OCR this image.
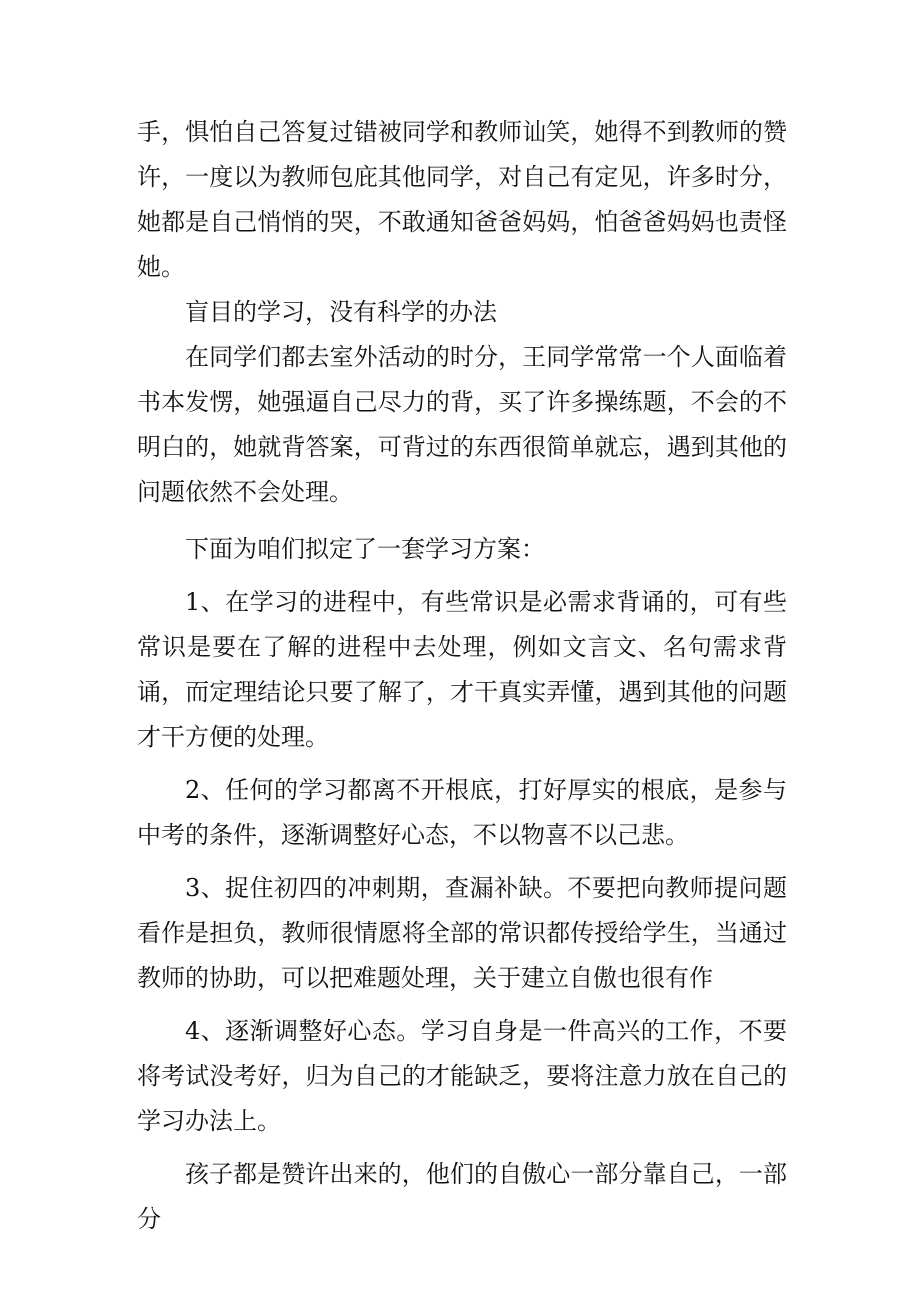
手，惧怕自己答复过错被同学和教师讪笑，她得不到教师的赞许，一度以为教师包庇其他同学，对自己有定见，许多时分，她都是自己悄悄的哭，不敢通知爸爸妈妈，怕爸爸妈妈也责怪她。

盲目的学习，没有科学的办法

在同学们都去室外活动的时分，王同学常常一个人面临着书本发愣，她强逼自己尽力的背，买了许多操练题，不会的不明白的，她就背答案，可背过的东西很简单就忘，遇到其他的问题依然不会处理。

下面为咱们拟定了一套学习方案：

1、在学习的进程中，有些常识是必需求背诵的，可有些常识是要在了解的进程中去处理，例如文言文、名句需求背诵，而定理结论只要了解了，才干真实弄懂，遇到其他的问题才干方便的处理。

2、任何的学习都离不开根底，打好厚实的根底，是参与中考的条件，逐渐调整好心态，不以物喜不以己悲。

3、捉住初四的冲刺期，查漏补缺。不要把向教师提问题看作是担负，教师很情愿将全部的常识都传授给学生，当通过教师的协助，可以把难题处理，关于建立自傲也很有作

4、逐渐调整好心态。学习自身是一件高兴的工作，不要将考试没考好，归为自己的才能缺乏，要将注意力放在自己的学习办法上。

孩子都是赞许出来的，他们的自傲心一部分靠自己，一部分
